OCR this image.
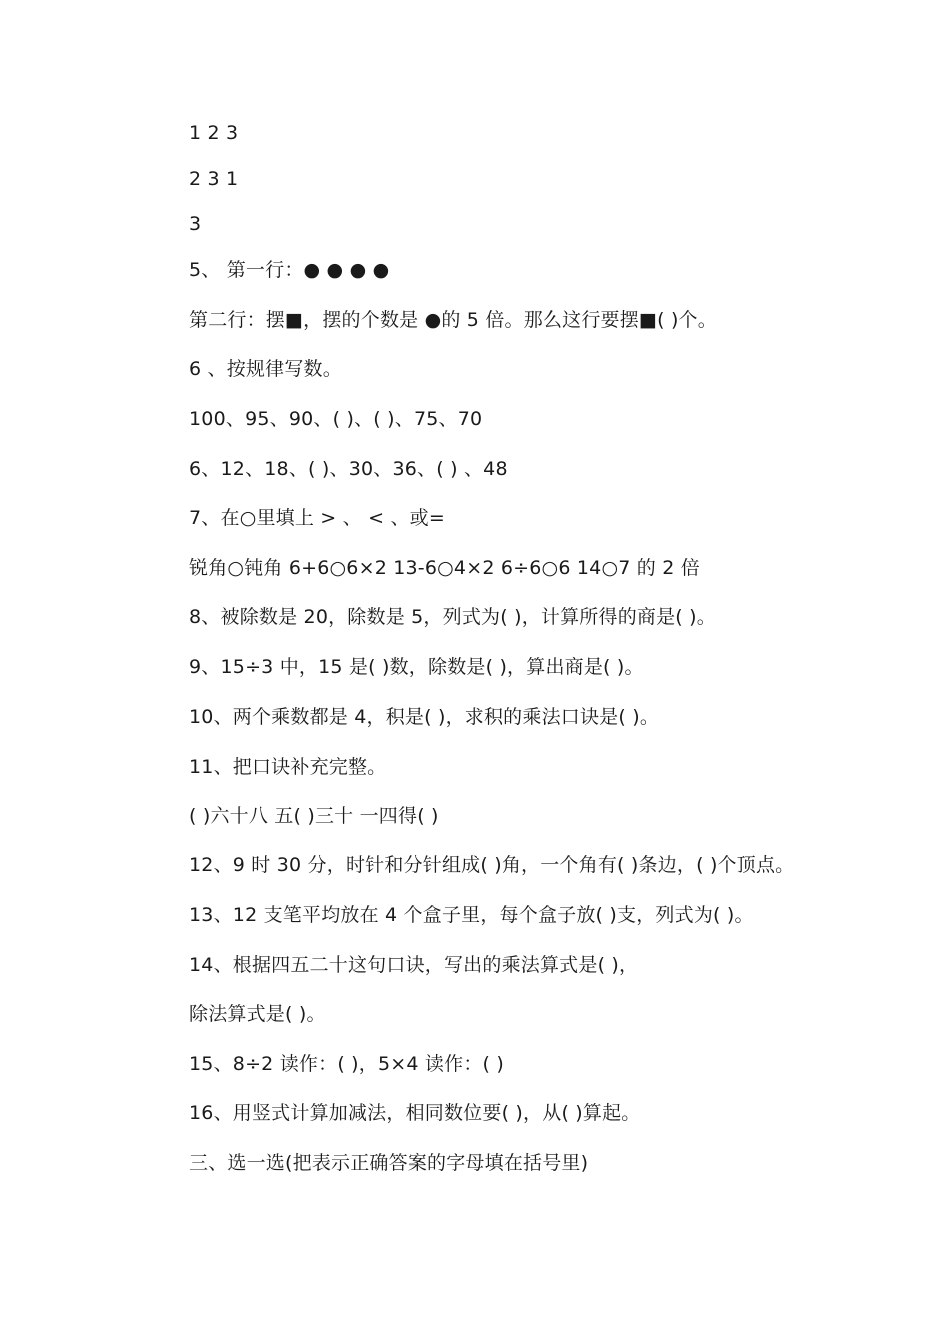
1 2 3
2 3 1
3
5、 第一行：● ● ● ●
第二行：摆■，摆的个数是 ●的 5 倍。那么这行要摆■( )个。
6 、按规律写数。
100、95、90、( )、( )、75、70
6、12、18、( )、30、36、( ) 、48
7、在○里填上 > 、 < 、或=
锐角○钝角 6+6○6×2 13-6○4×2 6÷6○6 14○7 的 2 倍
8、被除数是 20，除数是 5，列式为( )，计算所得的商是( )。
9、15÷3 中，15 是( )数，除数是( )，算出商是( )。
10、两个乘数都是 4，积是( )，求积的乘法口诀是( )。
11、把口诀补充完整。
( )六十八 五( )三十 一四得( )
12、9 时 30 分，时针和分针组成( )角，一个角有( )条边，( )个顶点。
13、12 支笔平均放在 4 个盒子里，每个盒子放( )支，列式为( )。
14、根据四五二十这句口诀，写出的乘法算式是( )，
除法算式是( )。
15、8÷2 读作：( )，5×4 读作：( )
16、用竖式计算加减法，相同数位要( )，从( )算起。
三、选一选(把表示正确答案的字母填在括号里)
